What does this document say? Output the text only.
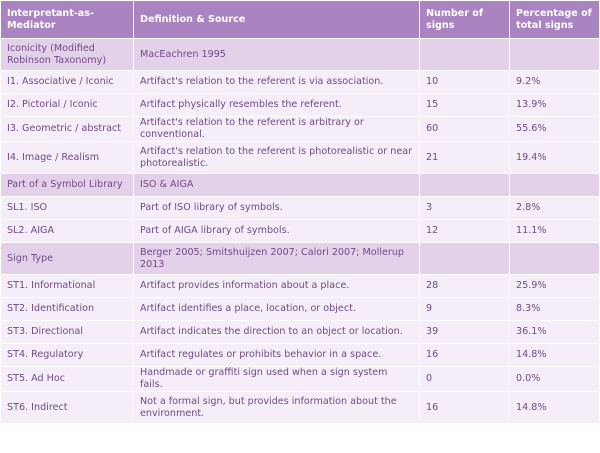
Interpretant-as-Mediator	Definition & Source	Number of signs	Percentage of total signs
Iconicity (Modified Robinson Taxonomy)	MacEachren 1995		
I1. Associative / Iconic	Artifact's relation to the referent is via association.	10	9.2%
I2. Pictorial / Iconic	Artifact physically resembles the referent.	15	13.9%
I3. Geometric / abstract	Artifact's relation to the referent is arbitrary or conventional.	60	55.6%
I4. Image / Realism	Artifact's relation to the referent is photorealistic or near photorealistic.	21	19.4%
Part of a Symbol Library	ISO & AIGA		
SL1. ISO	Part of ISO library of symbols.	3	2.8%
SL2. AIGA	Part of AIGA library of symbols.	12	11.1%
Sign Type	Berger 2005; Smitshuijzen 2007; Calori 2007; Mollerup 2013		
ST1. Informational	Artifact provides information about a place.	28	25.9%
ST2. Identification	Artifact identifies a place, location, or object.	9	8.3%
ST3. Directional	Artifact indicates the direction to an object or location.	39	36.1%
ST4. Regulatory	Artifact regulates or prohibits behavior in a space.	16	14.8%
ST5. Ad Hoc	Handmade or graffiti sign used when a sign system fails.	0	0.0%
ST6. Indirect	Not a formal sign, but provides information about the environment.	16	14.8%
